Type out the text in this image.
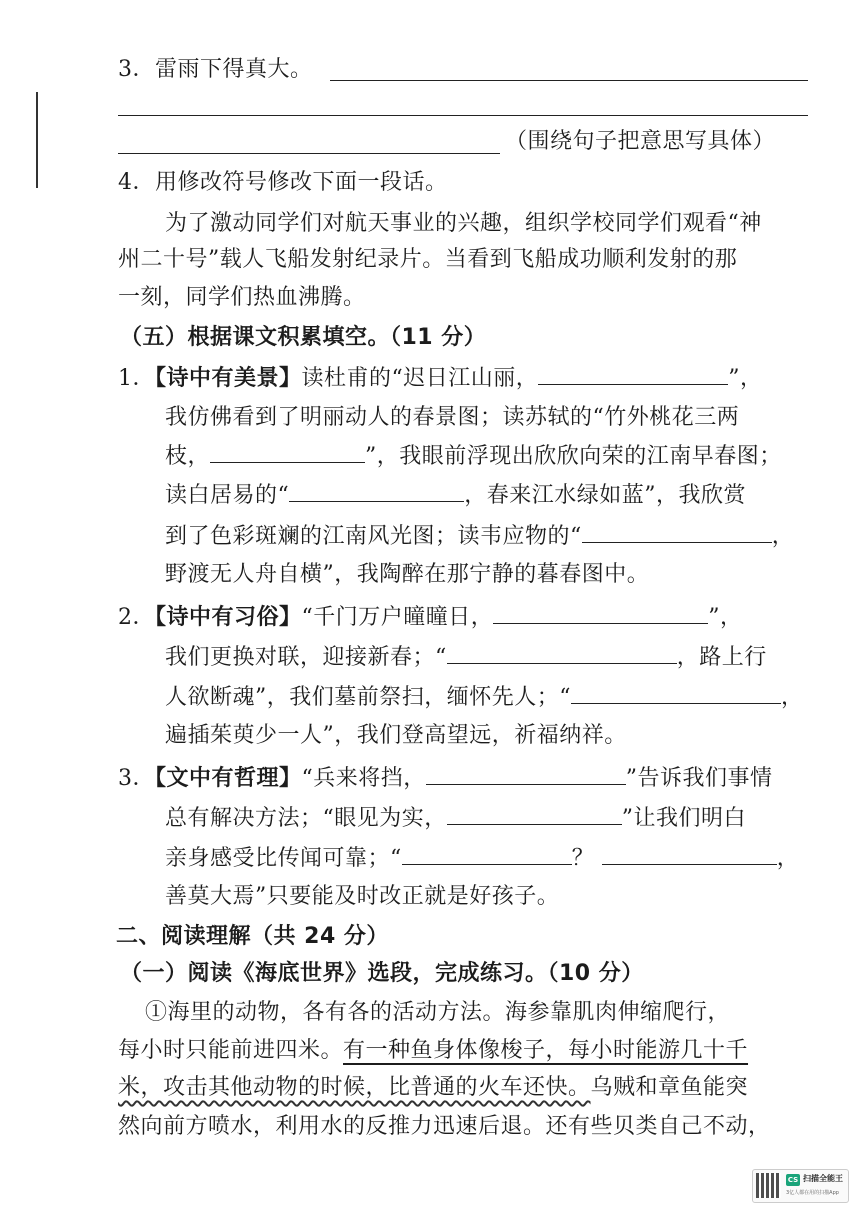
3．雷雨下得真大。
（围绕句子把意思写具体）
4．用修改符号修改下面一段话。
为了激动同学们对航天事业的兴趣，组织学校同学们观看“神
州二十号”载人飞船发射纪录片。当看到飞船成功顺利发射的那
一刻，同学们热血沸腾。
（五）根据课文积累填空。（11 分）
1．【诗中有美景】读杜甫的“迟日江山丽，	”，
我仿佛看到了明丽动人的春景图；读苏轼的“竹外桃花三两
枝，	”，我眼前浮现出欣欣向荣的江南早春图；
读白居易的“	，春来江水绿如蓝”，我欣赏
到了色彩斑斓的江南风光图；读韦应物的“	，
野渡无人舟自横”，我陶醉在那宁静的暮春图中。
2．【诗中有习俗】“千门万户曈曈日，	”，
我们更换对联，迎接新春；“	，路上行
人欲断魂”，我们墓前祭扫，缅怀先人；“	，
遍插茱萸少一人”，我们登高望远，祈福纳祥。
3．【文中有哲理】“兵来将挡，	”告诉我们事情
总有解决方法；“眼见为实，	”让我们明白
亲身感受比传闻可靠；“	？	，
善莫大焉”只要能及时改正就是好孩子。
二、阅读理解（共 24 分）
（一）阅读《海底世界》选段，完成练习。（10 分）
①海里的动物，各有各的活动方法。海参靠肌肉伸缩爬行，
每小时只能前进四米。有一种鱼身体像梭子，每小时能游几十千
米，攻击其他动物的时候，比普通的火车还快。乌贼和章鱼能突
然向前方喷水，利用水的反推力迅速后退。还有些贝类自己不动，
CS 扫描全能王
3亿人都在用的扫描App
